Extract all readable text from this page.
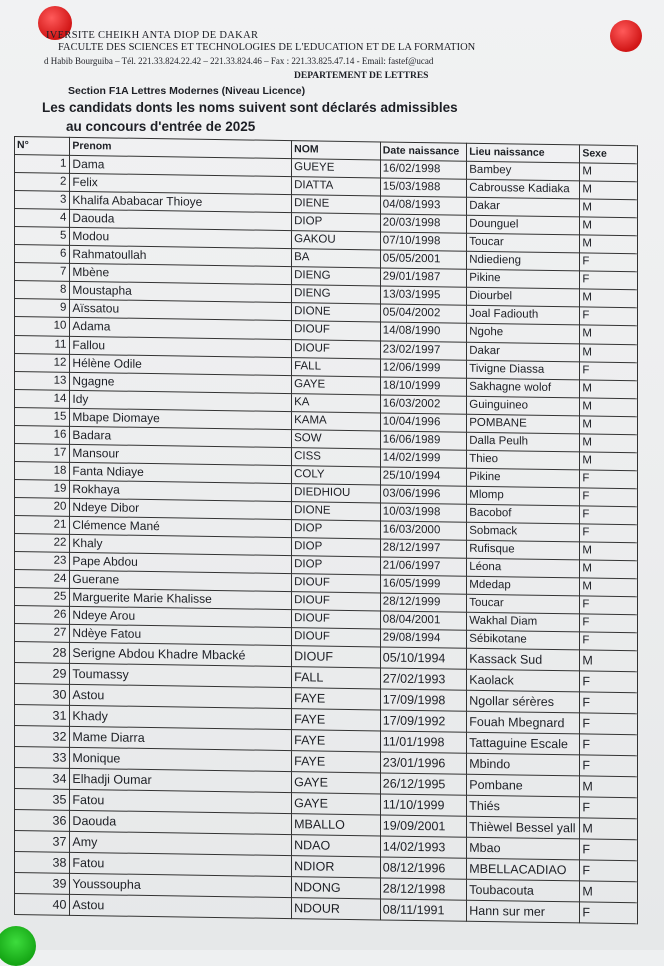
IVERSITE CHEIKH ANTA DIOP DE DAKAR
FACULTE DES SCIENCES ET TECHNOLOGIES DE L'EDUCATION ET DE LA FORMATION
d Habib Bourguiba – Tél. 221.33.824.22.42 – 221.33.824.46 – Fax : 221.33.825.47.14 - Email: fastef@ucad
DEPARTEMENT DE LETTRES
Section F1A Lettres Modernes (Niveau Licence)
Les candidats donts les noms suivent sont déclarés admissibles
au concours d'entrée de 2025
N°	Prenom	NOM	Date naissance	Lieu naissance	Sexe
1	Dama	GUEYE	16/02/1998	Bambey	M
2	Felix	DIATTA	15/03/1988	Cabrousse Kadiaka	M
3	Khalifa Ababacar Thioye	DIENE	04/08/1993	Dakar	M
4	Daouda	DIOP	20/03/1998	Dounguel	M
5	Modou	GAKOU	07/10/1998	Toucar	M
6	Rahmatoullah	BA	05/05/2001	Ndiedieng	F
7	Mbène	DIENG	29/01/1987	Pikine	F
8	Moustapha	DIENG	13/03/1995	Diourbel	M
9	Aïssatou	DIONE	05/04/2002	Joal Fadiouth	F
10	Adama	DIOUF	14/08/1990	Ngohe	M
11	Fallou	DIOUF	23/02/1997	Dakar	M
12	Hélène Odile	FALL	12/06/1999	Tivigne Diassa	F
13	Ngagne	GAYE	18/10/1999	Sakhagne wolof	M
14	Idy	KA	16/03/2002	Guinguineo	M
15	Mbape Diomaye	KAMA	10/04/1996	POMBANE	M
16	Badara	SOW	16/06/1989	Dalla Peulh	M
17	Mansour	CISS	14/02/1999	Thieo	M
18	Fanta Ndiaye	COLY	25/10/1994	Pikine	F
19	Rokhaya	DIEDHIOU	03/06/1996	Mlomp	F
20	Ndeye Dibor	DIONE	10/03/1998	Bacobof	F
21	Clémence Mané	DIOP	16/03/2000	Sobmack	F
22	Khaly	DIOP	28/12/1997	Rufisque	M
23	Pape Abdou	DIOP	21/06/1997	Léona	M
24	Guerane	DIOUF	16/05/1999	Mdedap	M
25	Marguerite Marie Khalisse	DIOUF	28/12/1999	Toucar	F
26	Ndeye Arou	DIOUF	08/04/2001	Wakhal Diam	F
27	Ndèye Fatou	DIOUF	29/08/1994	Sébikotane	F
28	Serigne Abdou Khadre Mbacké	DIOUF	05/10/1994	Kassack Sud	M
29	Toumassy	FALL	27/02/1993	Kaolack	F
30	Astou	FAYE	17/09/1998	Ngollar sérères	F
31	Khady	FAYE	17/09/1992	Fouah Mbegnard	F
32	Mame Diarra	FAYE	11/01/1998	Tattaguine Escale	F
33	Monique	FAYE	23/01/1996	Mbindo	F
34	Elhadji Oumar	GAYE	26/12/1995	Pombane	M
35	Fatou	GAYE	11/10/1999	Thiés	F
36	Daouda	MBALLO	19/09/2001	Thièwel Bessel yall	M
37	Amy	NDAO	14/02/1993	Mbao	F
38	Fatou	NDIOR	08/12/1996	MBELLACADIAO	F
39	Youssoupha	NDONG	28/12/1998	Toubacouta	M
40	Astou	NDOUR	08/11/1991	Hann sur mer	F
